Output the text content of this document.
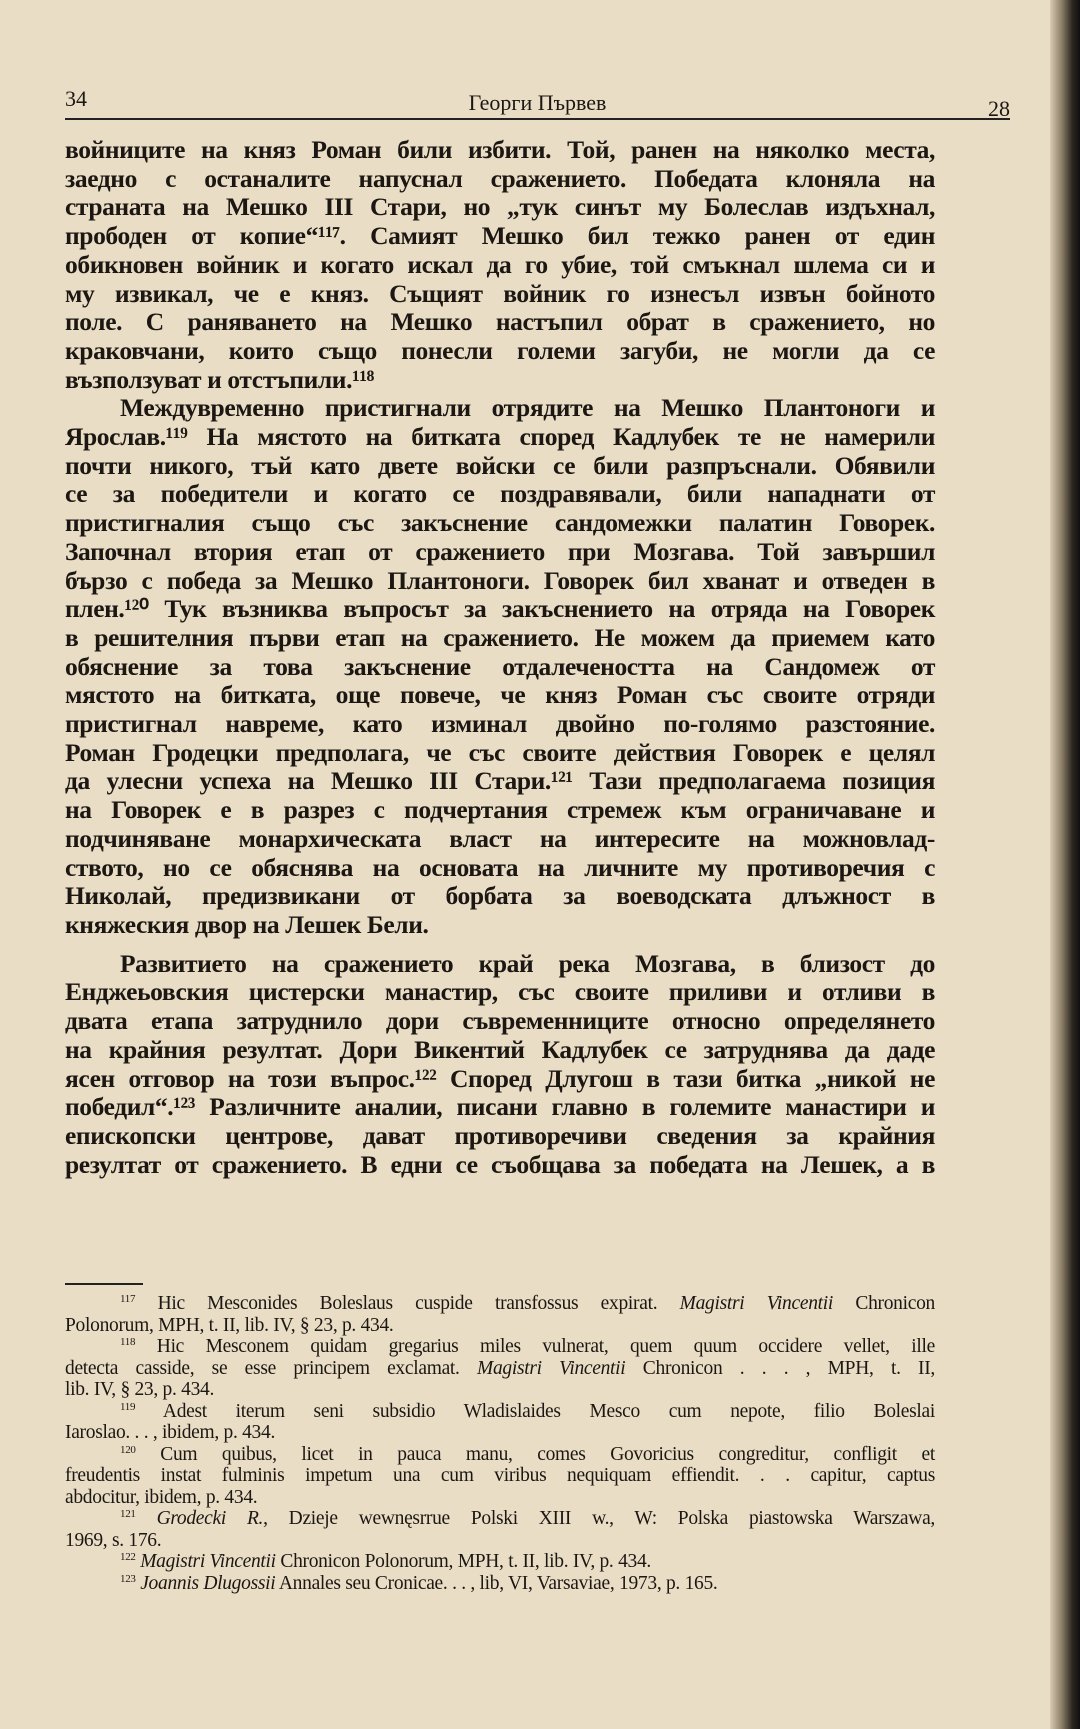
34	Георги Първев	28
войниците на княз Роман били избити. Той, ранен на няколко места,
заедно с останалите напуснал сражението. Победата клоняла на
страната на Мешко III Стари, но „тук синът му Болеслав издъхнал,
прободен от копие“¹¹⁷. Самият Мешко бил тежко ранен от един
обикновен войник и когато искал да го убие, той смъкнал шлема си и
му извикал, че е княз. Същият войник го изнесъл извън бойното
поле. С раняването на Мешко настъпил обрат в сражението, но
краковчани, които също понесли големи загуби, не могли да се
възползуват и отстъпили.¹¹⁸
Междувременно пристигнали отрядите на Мешко Плантоноги и
Ярослав.¹¹⁹ На мястото на битката според Кадлубек те не намерили
почти никого, тъй като двете войски се били разпръснали. Обявили
се за победители и когато се поздравявали, били нападнати от
пристигналия също със закъснение сандомежки палатин Говорек.
Започнал втория етап от сражението при Мозгава. Той завършил
бързо с победа за Мешко Плантоноги. Говорек бил хванат и отведен в
плен.¹²⁰ Тук възниква въпросът за закъснението на отряда на Говорек
в решителния първи етап на сражението. Не можем да приемем като
обяснение за това закъснение отдалечеността на Сандомеж от
мястото на битката, още повече, че княз Роман със своите отряди
пристигнал навреме, като изминал двойно по-голямо разстояние.
Роман Гродецки предполага, че със своите действия Говорек е целял
да улесни успеха на Мешко III Стари.¹²¹ Тази предполагаема позиция
на Говорек е в разрез с подчертания стремеж към ограничаване и
подчиняване монархическата власт на интересите на можновлад-
ството, но се обяснява на основата на личните му противоречия с
Николай, предизвикани от борбата за воеводската длъжност в
княжеския двор на Лешек Бели.
Развитието на сражението край река Мозгава, в близост до
Енджеьовския цистерски манастир, със своите приливи и отливи в
двата етапа затруднило дори съвременниците относно определянето
на крайния резултат. Дори Викентий Кадлубек се затруднява да даде
ясен отговор на този въпрос.¹²² Според Длугош в тази битка „никой не
победил“.¹²³ Различните аналии, писани главно в големите манастири и
епископски центрове, дават противоречиви сведения за крайния
резултат от сражението. В едни се съобщава за победата на Лешек, а в
$^{117}$ Hic Mesconides Boleslaus cuspide transfossus expirat. Magistri Vincentii Chronicon
Polonorum, MPH, t. II, lib. IV, § 23, p. 434.
$^{118}$ Hic Mesconem quidam gregarius miles vulnerat, quem quum occidere vellet, ille
detecta casside, se esse principem exclamat. Magistri Vincentii Chronicon . . . , MPH, t. II,
lib. IV, § 23, p. 434.
$^{119}$ Adest iterum seni subsidio Wladislaides Mesco cum nepote, filio Boleslai
Iaroslao. . . , ibidem, p. 434.
$^{120}$ Cum quibus, licet in pauca manu, comes Govoricius congreditur, confligit et
freudentis instat fulminis impetum una cum viribus nequiquam effiendit. . . capitur, captus
abdocitur, ibidem, p. 434.
$^{121}$ Grodecki R., Dzieje wewnęsrrue Polski XIII w., W: Polska piastowska Warszawa,
1969, s. 176.
$^{122}$ Magistri Vincentii Chronicon Polonorum, MPH, t. II, lib. IV, p. 434.
$^{123}$ Joannis Dlugossii Annales seu Cronicae. . . , lib, VI, Varsaviae, 1973, p. 165.
